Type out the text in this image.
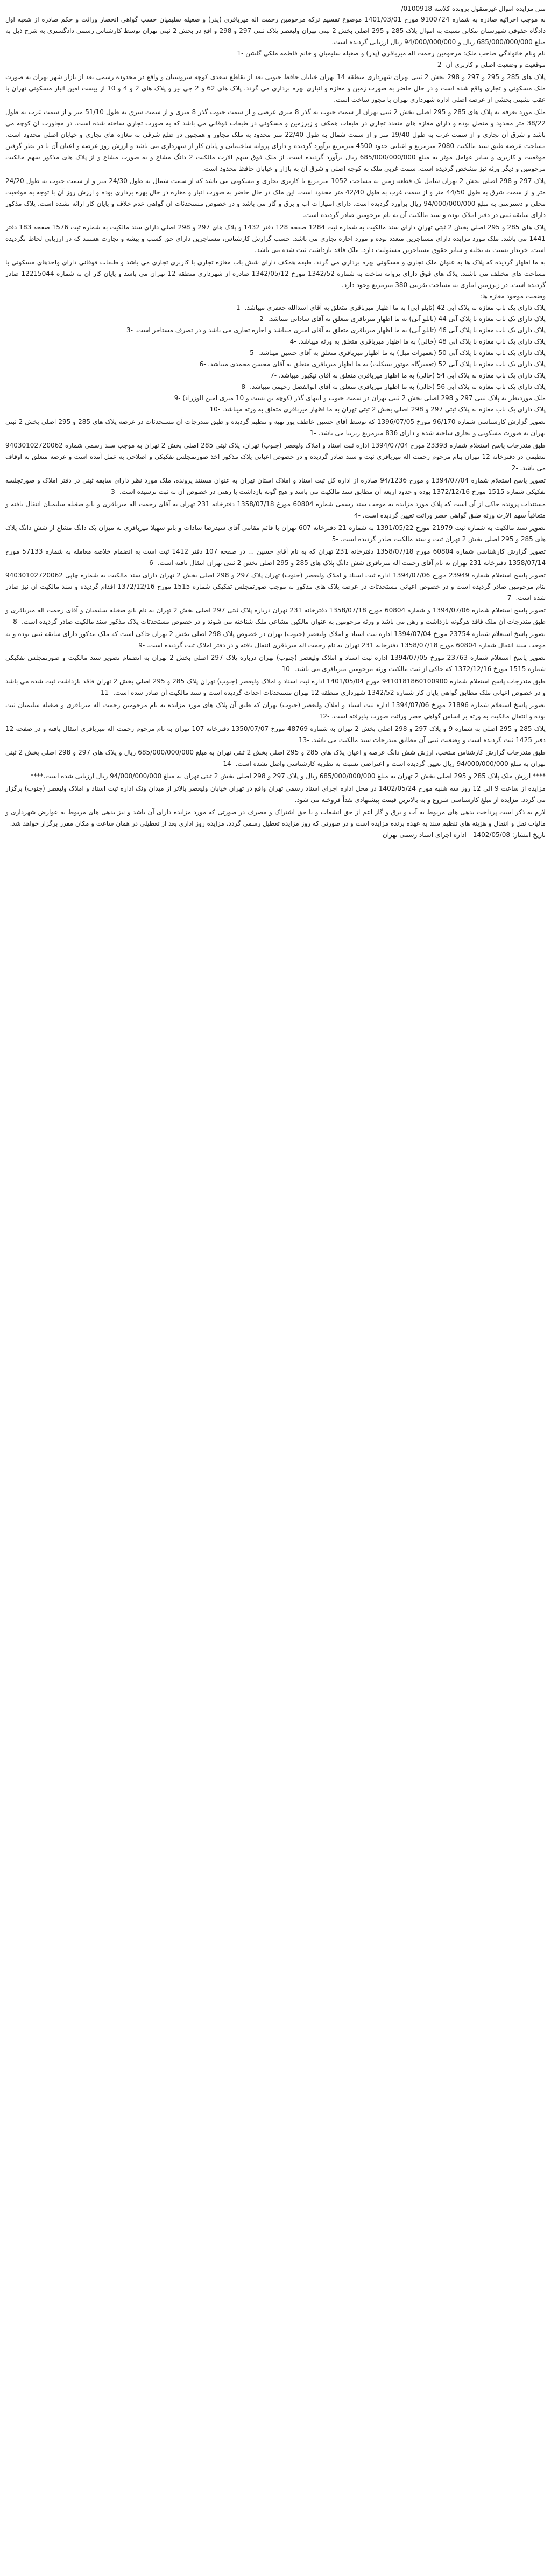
متن مزایده اموال غیرمنقول پرونده کلاسه 0100918/

به موجب اجرائیه صادره به شماره 9100724 مورخ 1401/03/01 موضوع تقسیم ترکه مرحومین رحمت اله میرباقری (پدر) و صغیله سلیمیان حسب گواهی انحصار وراثت و حکم صادره از شعبه اول دادگاه حقوقی شهرستان تنکابن نسبت به اموال پلاک 285 و 295 اصلی بخش 2 ثبتی تهران ولیعصر پلاک ثبتی 297 و 298 و اقع در بخش 2 ثبتی تهران توسط کارشناس رسمی دادگستری به شرح ذیل به مبلغ 685/000/000/000 ریال و 94/000/000/000 ریال ارزیابی گردیده است.

نام ونام خانوادگی صاحب ملک: مرحومین رحمت اله میرباقری (پدر) و صغیله سلیمیان و خانم فاطمه ملکی گلشن -1

موقعیت و وضعیت اصلی و کاربری آن -2

پلاک های 285 و 295 و 297 و 298 بخش 2 ثبتی تهران شهرداری منطقه 14 تهران خیابان حافظ جنوبی بعد از تقاطع سعدی کوچه سروستان و واقع در محدوده رسمی بعد از بازار شهر تهران به صورت ملک مسکونی و تجاری واقع شده است و در حال حاضر به صورت زمین و مغازه و انباری بهره برداری می گردد. پلاک های 62 و 2 جی نیر و پلاک های 2 و 4 و 10 از بیست امین انبار مسکونی تهران با عقب نشینی بخشی از عرصه اصلی اداره شهرداری تهران با مجوز ساخت است.

ملک مورد تعرفه به پلاک های 285 و 295 اصلی بخش 2 ثبتی تهران از سمت جنوب به گذر 8 متری عرضی و از سمت جنوب گذر 8 متری و از سمت شرق به طول 51/10 متر و از سمت غرب به طول 38/22 متر محدود و متصل بوده و دارای مغازه های متعدد تجاری در طبقات همکف و زیرزمین و مسکونی در طبقات فوقانی می باشد که به صورت تجاری ساخته شده است. در مجاورت آن کوچه می باشد و شرق آن تجاری و از سمت غرب به طول 19/40 متر و از سمت شمال به طول 22/40 متر محدود به ملک مجاور و همچنین در ضلع شرقی به مغازه های تجاری و خیابان اصلی محدود است. مساحت عرصه طبق سند مالکیت 2080 مترمربع و اعیانی حدود 4500 مترمربع برآورد گردیده و دارای پروانه ساختمانی و پایان کار از شهرداری می باشد و ارزش روز عرصه و اعیان آن با در نظر گرفتن موقعیت و کاربری و سایر عوامل موثر به مبلغ 685/000/000/000 ریال برآورد گردیده است. از ملک فوق سهم الارث مالکیت 2 دانگ مشاع و به صورت مشاع و از پلاک های مذکور سهم مالکیت مرحومین و دیگر ورثه نیز مشخص گردیده است. سمت غربی ملک به کوچه اصلی و شرق آن به بازار و خیابان حافظ محدود است.

پلاک 297 و 298 اصلی بخش 2 تهران شامل یک قطعه زمین به مساحت 1052 مترمربع با کاربری تجاری و مسکونی می باشد که از سمت شمال به طول 24/30 متر و از سمت جنوب به طول 24/20 متر و از سمت شرق به طول 44/50 متر و از سمت غرب به طول 42/40 متر محدود است. این ملک در حال حاضر به صورت انبار و مغازه در حال بهره برداری بوده و ارزش روز آن با توجه به موقعیت محلی و دسترسی به مبلغ 94/000/000/000 ریال برآورد گردیده است. دارای امتیازات آب و برق و گاز می باشد و در خصوص مستحدثات آن گواهی عدم خلاف و پایان کار ارائه نشده است. پلاک مذکور دارای سابقه ثبتی در دفتر املاک بوده و سند مالکیت آن به نام مرحومین صادر گردیده است.

پلاک های 285 و 295 اصلی بخش 2 ثبتی تهران دارای سند مالکیت به شماره ثبت 1284 صفحه 128 دفتر 1432 و پلاک های 297 و 298 اصلی دارای سند مالکیت به شماره ثبت 1576 صفحه 183 دفتر 1441 می باشد. ملک مورد مزایده دارای مستاجرین متعدد بوده و مورد اجاره تجاری می باشد. حسب گزارش کارشناس، مستاجرین دارای حق کسب و پیشه و تجارت هستند که در ارزیابی لحاظ نگردیده است. خریدار نسبت به تخلیه و سایر حقوق مستاجرین مسئولیت دارد. ملک فاقد بازداشت ثبت شده می باشد.

به ما اظهار گردیده که پلاک ها به عنوان ملک تجاری و مسکونی بهره برداری می گردد. طبقه همکف دارای شش باب مغازه تجاری با کاربری تجاری می باشد و طبقات فوقانی دارای واحدهای مسکونی با مساحت های مختلف می باشند. پلاک های فوق دارای پروانه ساخت به شماره 1342/52 مورخ 1342/05/12 صادره از شهرداری منطقه 12 تهران می باشد و پایان کار آن به شماره 12215044 صادر گردیده است. در زیرزمین انباری به مساحت تقریبی 380 مترمربع وجود دارد.

وضعیت موجود مغازه ها:

پلاک دارای یک باب مغازه به پلاک آبی 42 (تابلو آبی) به ما اظهار میرباقری متعلق به آقای اسدالله جعفری میباشد. -1

پلاک دارای یک باب مغازه با پلاک آبی 44 (تابلو آبی) به ما اظهار میرباقری متعلق به آقای ساداتی میباشد. -2

پلاک دارای یک باب مغازه با پلاک آبی 46 (تابلو آبی) به ما اظهار میرباقری متعلق به آقای امیری میباشد و اجاره تجاری می باشد و در تصرف مستاجر است. -3

پلاک دارای یک باب مغازه با پلاک آبی 48 (خالی) به ما اظهار میرباقری متعلق به ورثه میباشد. -4

پلاک دارای یک باب مغازه با پلاک آبی 50 (تعمیرات مبل) به ما اظهار میرباقری متعلق به آقای حسین میباشد. -5

پلاک دارای یک باب مغازه با پلاک آبی 52 (تعمیرگاه موتور سیکلت) به ما اظهار میرباقری متعلق به آقای محسن محمدی میباشد. -6

پلاک دارای یک باب مغازه به پلاک آبی 54 (خالی) به ما اظهار میرباقری متعلق به آقای نیکپور میباشد. -7

پلاک دارای یک باب مغازه به پلاک آبی 56 (خالی) به ما اظهار میرباقری متعلق به آقای ابوالفضل رحیمی میباشد. -8

ملک موردنظر به پلاک ثبتی 297 و 298 اصلی بخش 2 ثبتی تهران در سمت جنوب و انتهای گذر (کوچه بن بست و 10 متری امین الوزراء) -9

پلاک دارای یک باب مغازه به پلاک ثبتی 297 و 298 اصلی بخش 2 ثبتی تهران به ما اظهار میرباقری متعلق به ورثه میباشد. -10

تصویر گزارش کارشناسی شماره 96/170 مورخ 1396/07/05 که توسط آقای حسین عاطف پور تهیه و تنظیم گردیده و طبق مندرجات آن مستحدثات در عرصه پلاک های 285 و 295 اصلی بخش 2 ثبتی تهران به صورت مسکونی و تجاری ساخته شده و دارای 836 مترمربع زیربنا می باشد. -1

طبق مندرجات پاسخ استعلام شماره 23393 مورخ 1394/07/04 اداره ثبت اسناد و املاک ولیعصر (جنوب) تهران، پلاک ثبتی 285 اصلی بخش 2 تهران به موجب سند رسمی شماره 94030102720062 تنظیمی در دفترخانه 12 تهران بنام مرحوم رحمت اله میرباقری ثبت و سند صادر گردیده و در خصوص اعیانی پلاک مذکور اخذ صورتمجلس تفکیکی و اصلاحی به عمل آمده است و عرصه متعلق به اوقاف می باشد. -2

تصویر پاسخ استعلام شماره 1394/07/04 و مورخ 94/1236 صادره از اداره کل ثبت اسناد و املاک استان تهران به عنوان مستند پرونده، ملک مورد نظر دارای سابقه ثبتی در دفتر املاک و صورتجلسه تفکیکی شماره 1515 مورخ 1372/12/16 بوده و حدود اربعه آن مطابق سند مالکیت می باشد و هیچ گونه بازداشت یا رهنی در خصوص آن به ثبت نرسیده است. -3

مستندات پرونده حاکی از آن است که پلاک مورد مزایده به موجب سند رسمی شماره 60804 مورخ 1358/07/18 دفترخانه 231 تهران به آقای رحمت اله میرباقری و بانو صغیله سلیمیان انتقال یافته و متعاقباً سهم الارث ورثه طبق گواهی حصر وراثت تعیین گردیده است. -4

تصویر سند مالکیت به شماره ثبت 21979 مورخ 1391/05/22 به شماره 21 دفترخانه 607 تهران با قائم مقامی آقای سیدرضا سادات و بانو سهیلا میرباقری به میزان یک دانگ مشاع از شش دانگ پلاک های 285 و 295 اصلی بخش 2 تهران ثبت و سند مالکیت صادر گردیده است. -5

تصویر گزارش کارشناسی شماره 60804 مورخ 1358/07/18 دفترخانه 231 تهران که به نام آقای حسین ... در صفحه 107 دفتر 1412 ثبت است به انضمام خلاصه معامله به شماره 57133 مورخ 1358/07/14 دفترخانه 231 تهران به نام آقای رحمت اله میرباقری شش دانگ پلاک های 285 و 295 اصلی بخش 2 ثبتی تهران انتقال یافته است. -6

تصویر پاسخ استعلام شماره 23949 مورخ 1394/07/06 اداره ثبت اسناد و املاک ولیعصر (جنوب) تهران پلاک 297 و 298 اصلی بخش 2 تهران دارای سند مالکیت به شماره چاپی 94030102720062 بنام مرحومین صادر گردیده است و در خصوص اعیانی مستحدثات در عرصه پلاک های مذکور به موجب صورتمجلس تفکیکی شماره 1515 مورخ 1372/12/16 اقدام گردیده و سند مالکیت آن نیز صادر شده است. -7

تصویر پاسخ استعلام شماره 1394/07/06 و شماره 60804 مورخ 1358/07/18 دفترخانه 231 تهران درباره پلاک ثبتی 297 اصلی بخش 2 تهران به نام بانو صغیله سلیمیان و آقای رحمت اله میرباقری و طبق مندرجات آن ملک فاقد هرگونه بازداشت و رهن می باشد و ورثه مرحومین به عنوان مالکین مشاعی ملک شناخته می شوند و در خصوص مستحدثات پلاک مذکور سند مالکیت صادر گردیده است. -8

تصویر پاسخ استعلام شماره 23754 مورخ 1394/07/04 اداره ثبت اسناد و املاک ولیعصر (جنوب) تهران در خصوص پلاک 298 اصلی بخش 2 تهران حاکی است که ملک مذکور دارای سابقه ثبتی بوده و به موجب سند انتقال شماره 60804 مورخ 1358/07/18 دفترخانه 231 تهران به نام رحمت اله میرباقری انتقال یافته و در دفتر املاک ثبت گردیده است. -9

تصویر پاسخ استعلام شماره 23763 مورخ 1394/07/05 اداره ثبت اسناد و املاک ولیعصر (جنوب) تهران درباره پلاک 297 اصلی بخش 2 تهران به انضمام تصویر سند مالکیت و صورتمجلس تفکیکی شماره 1515 مورخ 1372/12/16 که حاکی از ثبت مالکیت ورثه مرحومین میرباقری می باشد. -10

طبق مندرجات پاسخ استعلام شماره 9410181860100900 مورخ 1401/05/04 اداره ثبت اسناد و املاک ولیعصر (جنوب) تهران پلاک 285 و 295 اصلی بخش 2 تهران فاقد بازداشت ثبت شده می باشد و در خصوص اعیانی ملک مطابق گواهی پایان کار شماره 1342/52 شهرداری منطقه 12 تهران مستحدثات احداث گردیده است و سند مالکیت آن صادر شده است. -11

تصویر پاسخ استعلام شماره 21896 مورخ 1394/07/06 اداره ثبت اسناد و املاک ولیعصر (جنوب) تهران که طبق آن پلاک های مورد مزایده به نام مرحومین رحمت اله میرباقری و صغیله سلیمیان ثبت بوده و انتقال مالکیت به ورثه بر اساس گواهی حصر وراثت صورت پذیرفته است. -12

پلاک 285 و 295 اصلی به شماره 9 و پلاک 297 و 298 اصلی بخش 2 تهران به شماره 48769 مورخ 1350/07/07 دفترخانه 107 تهران به نام مرحوم رحمت اله میرباقری انتقال یافته و در صفحه 12 دفتر 1425 ثبت گردیده است و وضعیت ثبتی آن مطابق مندرجات سند مالکیت می باشد. -13

طبق مندرجات گزارش کارشناس منتخب، ارزش شش دانگ عرصه و اعیان پلاک های 285 و 295 اصلی بخش 2 ثبتی تهران به مبلغ 685/000/000/000 ریال و پلاک های 297 و 298 اصلی بخش 2 ثبتی تهران به مبلغ 94/000/000/000 ریال تعیین گردیده است و اعتراضی نسبت به نظریه کارشناسی واصل نشده است. -14

**** ارزش ملک پلاک 285 و 295 اصلی بخش 2 تهران به مبلغ 685/000/000/000 ریال و پلاک 297 و 298 اصلی بخش 2 ثبتی تهران به مبلغ 94/000/000/000 ریال ارزیابی شده است.****

مزایده از ساعت 9 الی 12 روز سه شنبه مورخ 1402/05/24 در محل اداره اجرای اسناد رسمی تهران واقع در تهران خیابان ولیعصر بالاتر از میدان ونک اداره ثبت اسناد و املاک ولیعصر (جنوب) برگزار می گردد. مزایده از مبلغ کارشناسی شروع و به بالاترین قیمت پیشنهادی نقداً فروخته می شود.

لازم به ذکر است پرداخت بدهی های مربوط به آب و برق و گاز اعم از حق انشعاب و یا حق اشتراک و مصرف در صورتی که مورد مزایده دارای آن باشد و نیز بدهی های مربوط به عوارض شهرداری و مالیات نقل و انتقال و هزینه های تنظیم سند به عهده برنده مزایده است و در صورتی که روز مزایده تعطیل رسمی گردد، مزایده روز اداری بعد از تعطیلی در همان ساعت و مکان مقرر برگزار خواهد شد.

تاریخ انتشار: 1402/05/08 - اداره اجرای اسناد رسمی تهران
